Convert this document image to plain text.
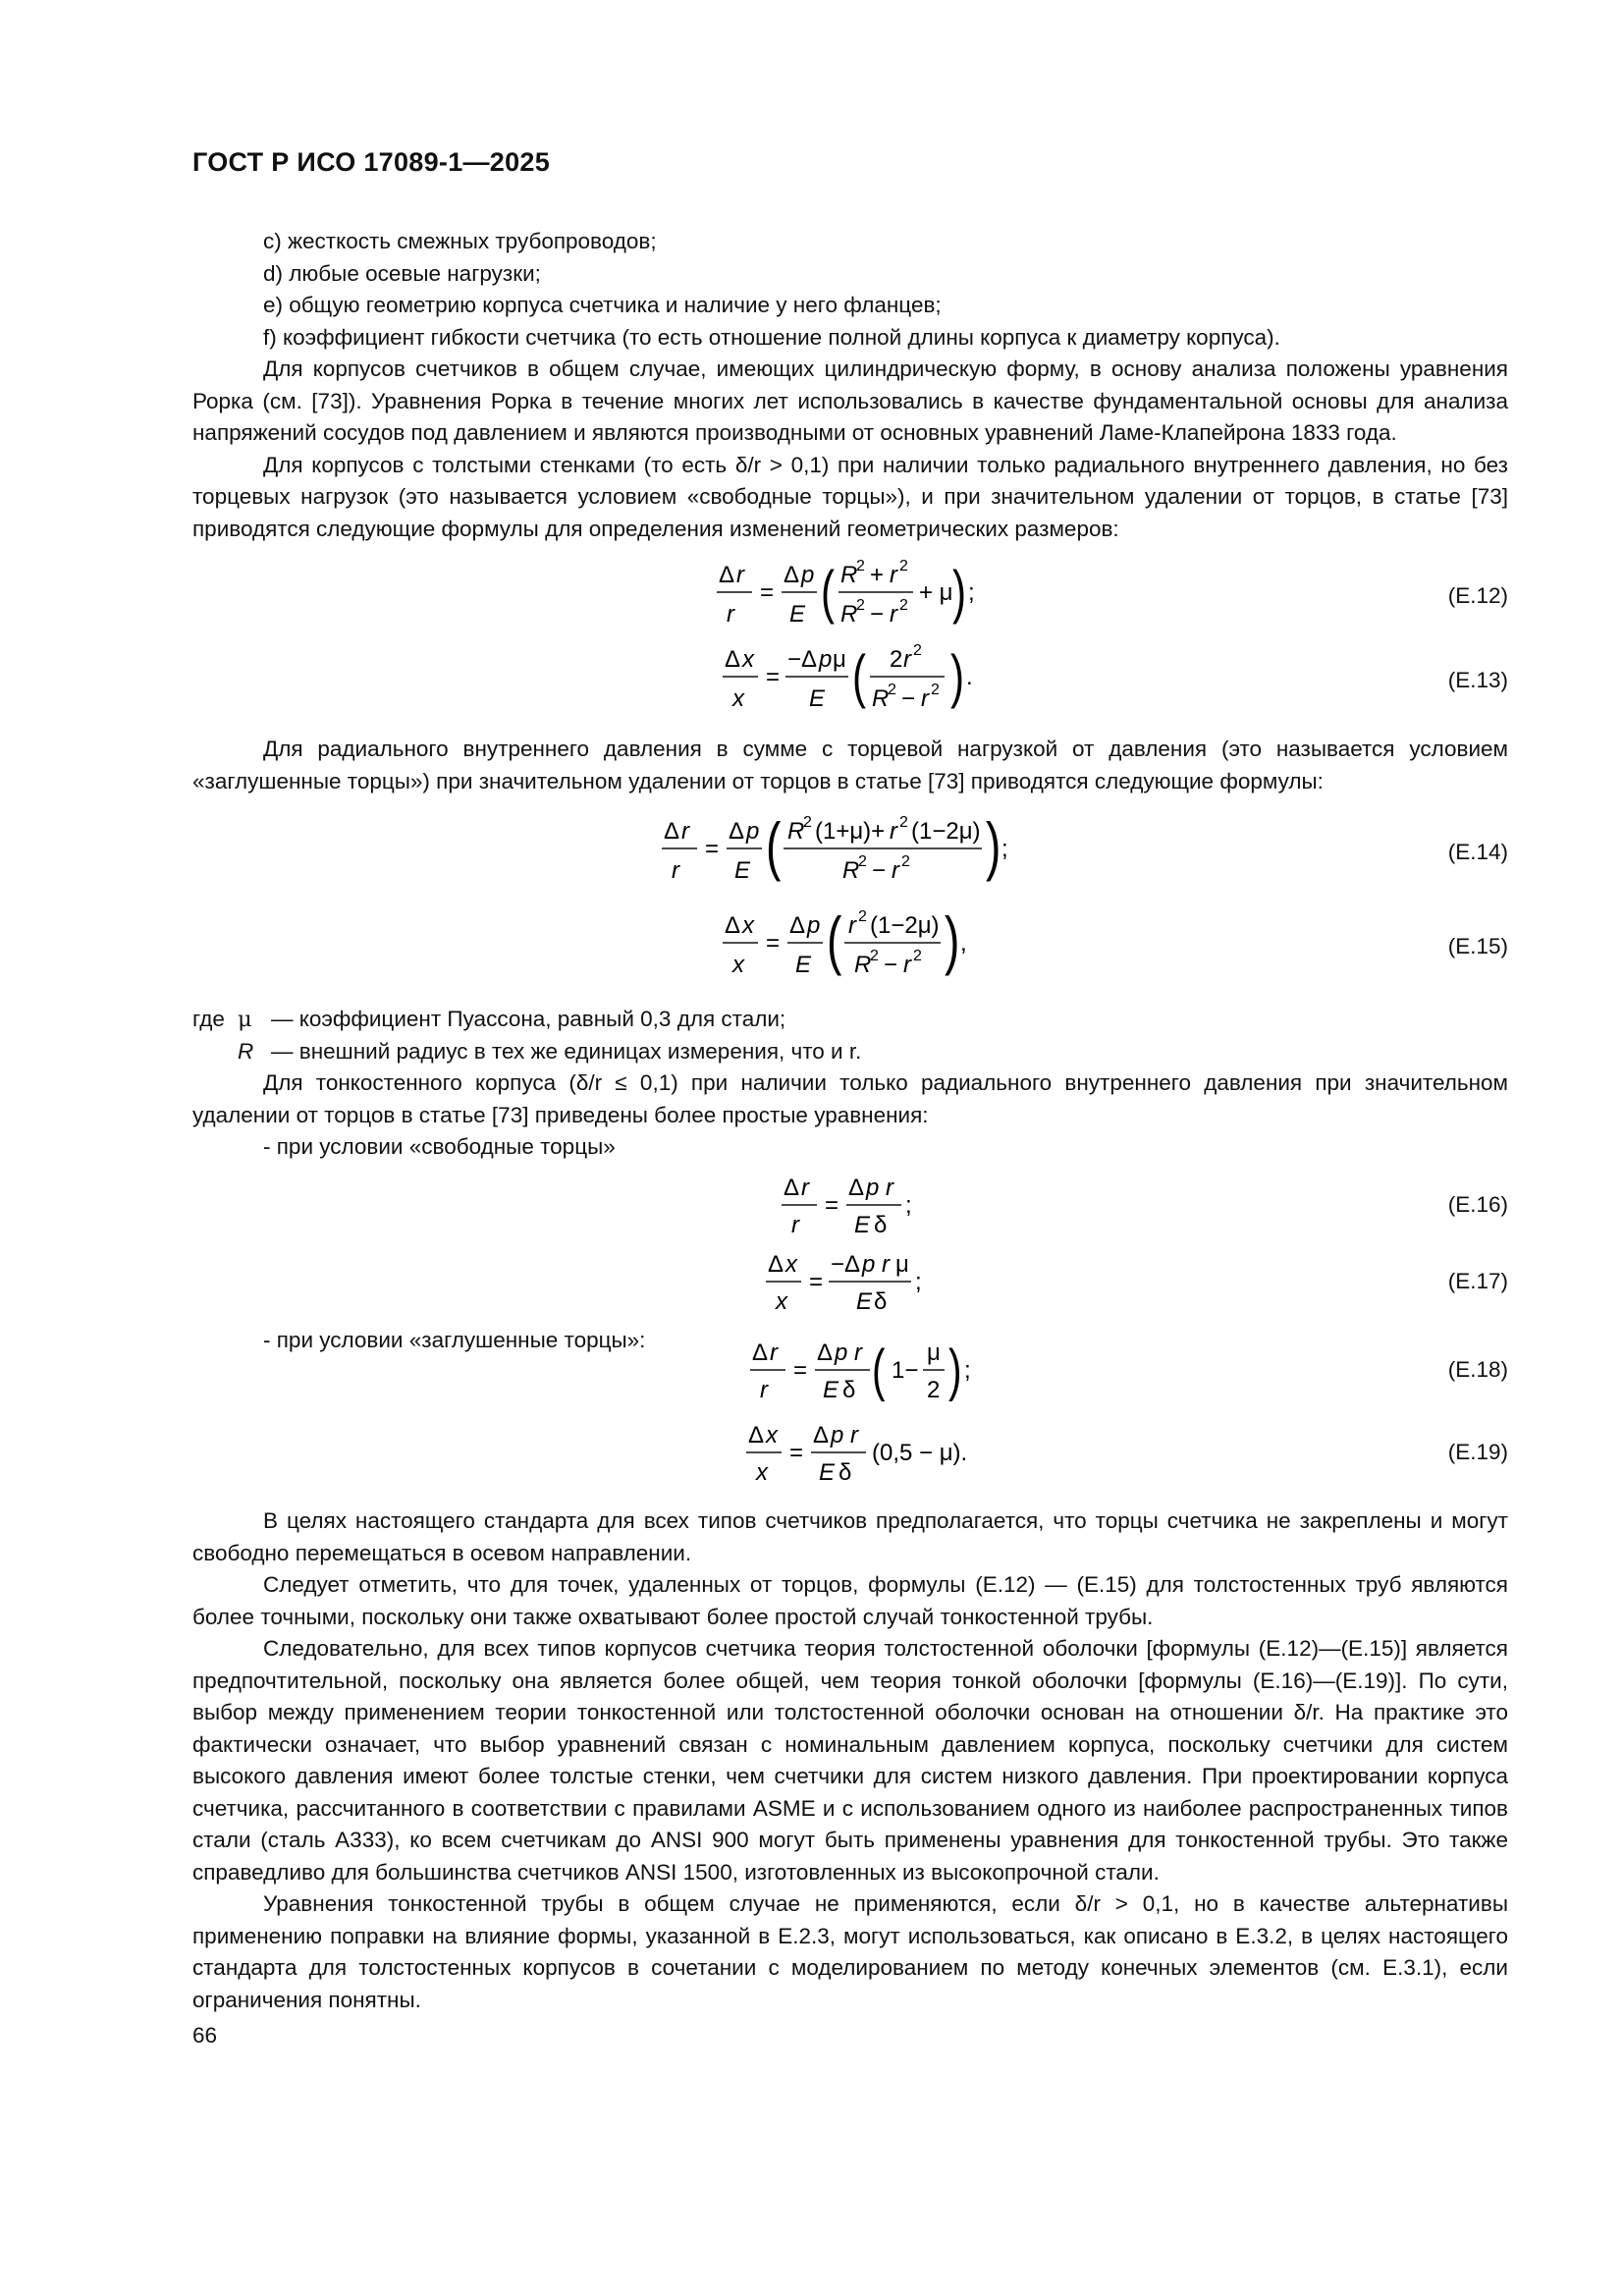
ГОСТ Р ИСО 17089-1—2025

c) жесткость смежных трубопроводов;

d) любые осевые нагрузки;

e) общую геометрию корпуса счетчика и наличие у него фланцев;

f) коэффициент гибкости счетчика (то есть отношение полной длины корпуса к диаметру корпуса).

Для корпусов счетчиков в общем случае, имеющих цилиндрическую форму, в основу анализа положены уравнения Рорка (см. [73]). Уравнения Рорка в течение многих лет использовались в качестве фундаментальной основы для анализа напряжений сосудов под давлением и являются производными от основных уравнений Ламе-Клапейрона 1833 года.

Для корпусов с толстыми стенками (то есть δ/r > 0,1) при наличии только радиального внутреннего давления, но без торцевых нагрузок (это называется условием «свободные торцы»), и при значительном удалении от торцов, в статье [73] приводятся следующие формулы для определения изменений геометрических размеров:

Δ r
r
=
Δ p
E ( R
2 + r 2
R
2 − r 2 + μ ) ;	(E.12)
Δ x
x
=
− Δ p μ
E ( 2 r 2
R
2 − r 2 ) .	(E.13)

Для радиального внутреннего давления в сумме с торцевой нагрузкой от давления (это называется условием «заглушенные торцы») при значительном удалении от торцов в статье [73] приводятся следующие формулы:

Δ r
r
=
Δ p
E ( R
2 (1+μ)+ r 2 (1−2μ)
R
2 − r 2 ) ;	(E.14)
Δ x
x
=
Δ p
E ( r 2 (1−2μ)
R
2 − r 2 ) ,	(E.15)
где μ — коэффициент Пуассона, равный 0,3 для стали;
R — внешний радиус в тех же единицах измерения, что и r.

Для тонкостенного корпуса (δ/r ≤ 0,1) при наличии только радиального внутреннего давления при значительном удалении от торцов в статье [73] приведены более простые уравнения:

- при условии «свободные торцы»

Δ r
r
=
Δ p r
E δ
;	(E.16)
Δ x
x
=
− Δ p r μ
E δ
;	(E.17)

- при условии «заглушенные торцы»:	Δ r
r
=
Δ p r
E δ ( 1−
μ
2 ) ;	(E.18)
Δ x
x
=
Δ p r
E δ
(0,5 − μ).	(E.19)

В целях настоящего стандарта для всех типов счетчиков предполагается, что торцы счетчика не закреплены и могут свободно перемещаться в осевом направлении.

Следует отметить, что для точек, удаленных от торцов, формулы (E.12) — (E.15) для толстостенных труб являются более точными, поскольку они также охватывают более простой случай тонкостенной трубы.

Следовательно, для всех типов корпусов счетчика теория толстостенной оболочки [формулы (E.12)—(E.15)] является предпочтительной, поскольку она является более общей, чем теория тонкой оболочки [формулы (E.16)—(E.19)]. По сути, выбор между применением теории тонкостенной или толстостенной оболочки основан на отношении δ/r. На практике это фактически означает, что выбор уравнений связан с номинальным давлением корпуса, поскольку счетчики для систем высокого давления имеют более толстые стенки, чем счетчики для систем низкого давления. При проектировании корпуса счетчика, рассчитанного в соответствии с правилами ASME и с использованием одного из наиболее распространенных типов стали (сталь A333), ко всем счетчикам до ANSI 900 могут быть применены уравнения для тонкостенной трубы. Это также справедливо для большинства счетчиков ANSI 1500, изготовленных из высокопрочной стали.

Уравнения тонкостенной трубы в общем случае не применяются, если δ/r > 0,1, но в качестве альтернативы применению поправки на влияние формы, указанной в E.2.3, могут использоваться, как описано в E.3.2, в целях настоящего стандарта для толстостенных корпусов в сочетании с моделированием по методу конечных элементов (см. E.3.1), если ограничения понятны.

66
